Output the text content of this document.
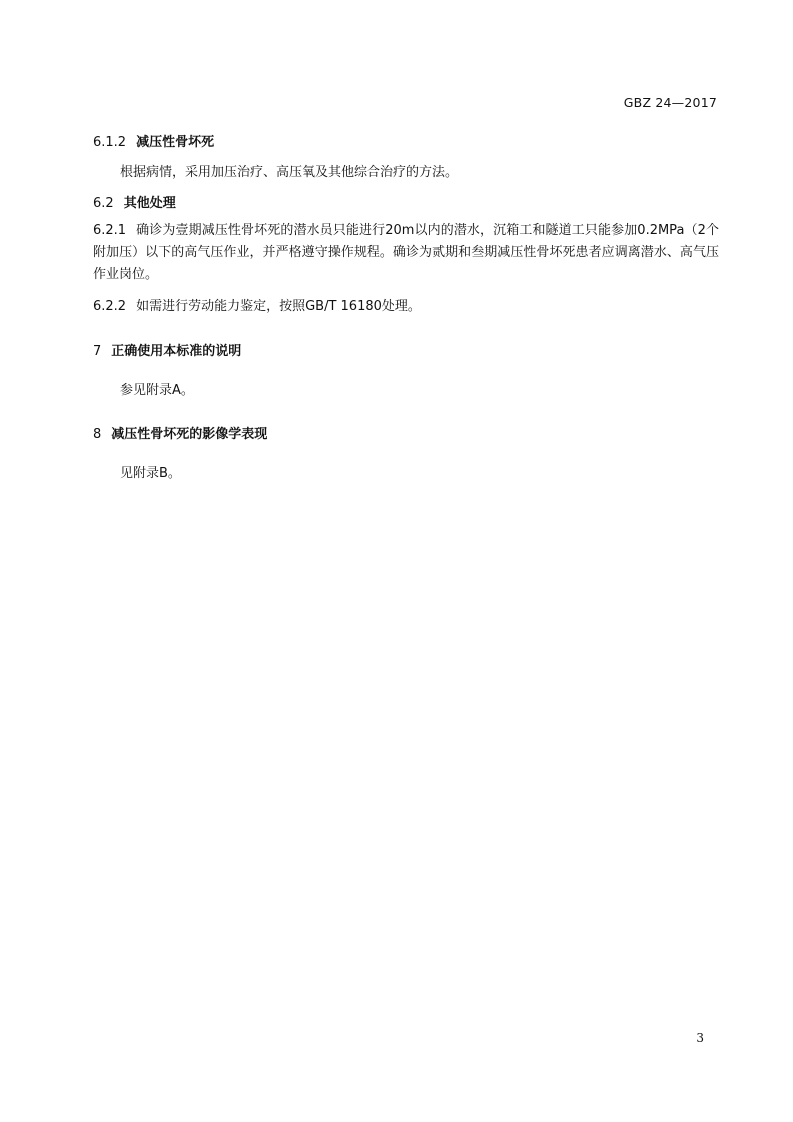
GBZ 24—2017
6.1.2 减压性骨坏死
根据病情，采用加压治疗、高压氧及其他综合治疗的方法。
6.2 其他处理
6.2.1 确诊为壹期减压性骨坏死的潜水员只能进行20m以内的潜水，沉箱工和隧道工只能参加0.2MPa（2个附加压）以下的高气压作业，并严格遵守操作规程。确诊为贰期和叁期减压性骨坏死患者应调离潜水、高气压作业岗位。
6.2.2 如需进行劳动能力鉴定，按照GB/T 16180处理。
7 正确使用本标准的说明
参见附录A。
8 减压性骨坏死的影像学表现
见附录B。
3
